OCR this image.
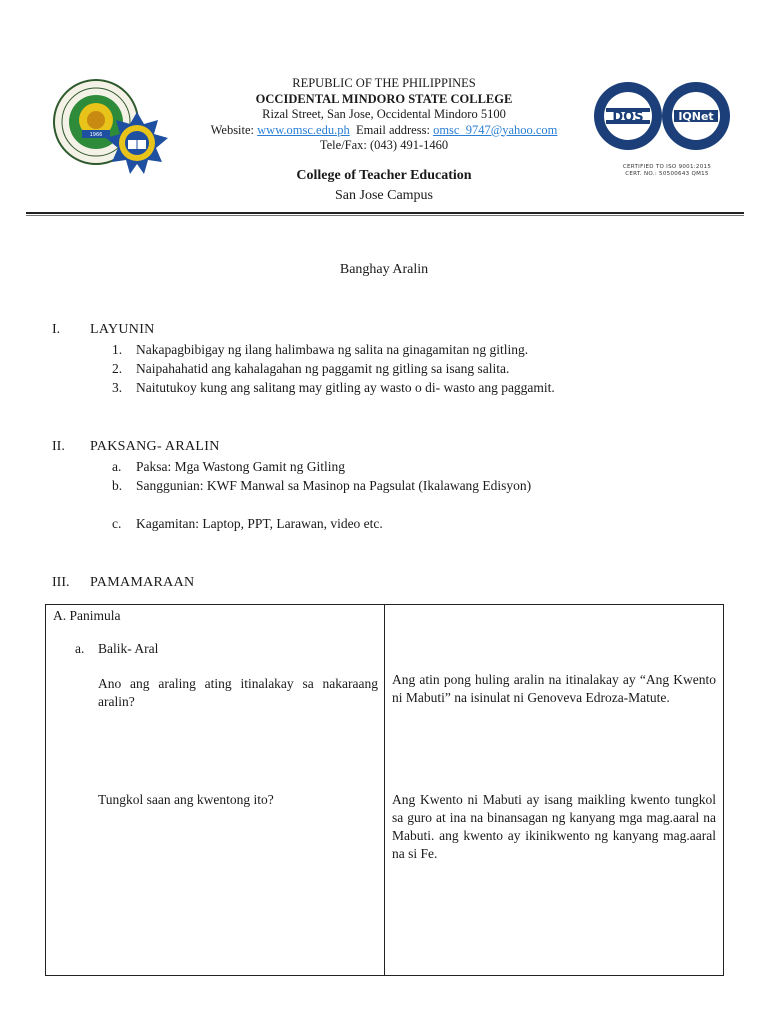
1966
DQS	IQNet
CERTIFIED TO ISO 9001:2015
CERT. NO.: 50500643 QM15
REPUBLIC OF THE PHILIPPINES
OCCIDENTAL MINDORO STATE COLLEGE
Rizal Street, San Jose, Occidental Mindoro 5100
Website: www.omsc.edu.ph Email address: omsc_9747@yahoo.com
Tele/Fax: (043) 491-1460
College of Teacher Education
San Jose Campus
Banghay Aralin
I. LAYUNIN
1. Nakapagbibigay ng ilang halimbawa ng salita na ginagamitan ng gitling.
2. Naipahahatid ang kahalagahan ng paggamit ng gitling sa isang salita.
3. Naitutukoy kung ang salitang may gitling ay wasto o di- wasto ang paggamit.
II. PAKSANG- ARALIN
a. Paksa: Mga Wastong Gamit ng Gitling
b. Sanggunian: KWF Manwal sa Masinop na Pagsulat (Ikalawang Edisyon)
c. Kagamitan: Laptop, PPT, Larawan, video etc.
III. PAMAMARAAN
A. Panimula
a. Balik- Aral
Ano ang araling ating itinalakay sa nakaraang aralin?
Ang atin pong huling aralin na itinalakay ay “Ang Kwento ni Mabuti” na isinulat ni Genoveva Edroza-Matute.
Tungkol saan ang kwentong ito?	Ang Kwento ni Mabuti ay isang maikling kwento tungkol sa guro at ina na binansagan ng kanyang mga mag.aaral na Mabuti. ang kwento ay ikinikwento ng kanyang mag.aaral na si Fe.
